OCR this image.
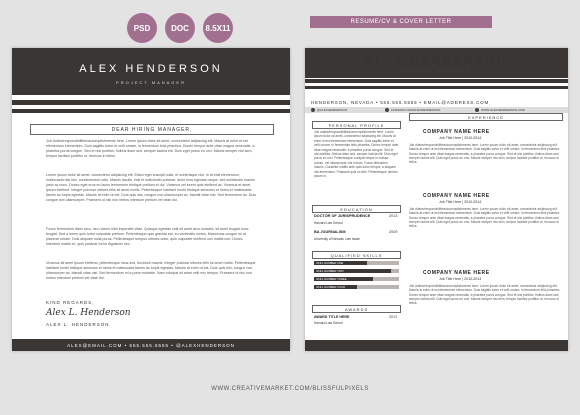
PSD	DOC	8.5X11
RESUME/CV & COVER LETTER
ALEX HENDERSON
PROJECT MANAGER
DEAR HIRING MANAGER,
Job duties/responsibilities/accomplishments here. Lorem ipsum dolor sit amet, consectetur adipiscing elit. Mauris at enim ut est elementum elementum. Duis sagittis tortor et velit ornare, in fermentum felis pharetra. Donec tempor ante vitae magna venenatis, a pharetra purus congue. Sed et nisi porttitor, finibus diam sed, semper lacinia elit. Duis eget purus eu orci. Mauris semper nisi sem, tempor facilisis porttitor ut, rhoncus in tellus.
Lorem ipsum dolor sit amet, consectetur adipiscing elit. Etiam eget suscipit nulla, et scelerisque nisl. In at erat elementum, malesuada nisi nec, condimentum odio. Mauris iaculis, erat et sollicitudin pulvinar, dolor eros egestas neque, sed sollicitudin mauris justo ac nunc. Donec eget eros eu lacus fermentum tristique pretium et dui. Vivamus vel lorem quis eleifend ac. Vivamus et amet ipsum eleifend. Integer pulvinar ultrices felis sit amet mollis. Pellentesque habitant morbi tristique senectus et netus et malesuada fames ac turpis egestas. Mauris at enim ut est. Duis quis nisi, congue non ullamcorper ac, blandit vitae nisl. Sed fermentum ac. Duis congue non ullamcorper, Praesent ut nisl non metus interdum pretium vel vitae dui.
Fusce fermentum diam arcu, nec rutrum nibh imperdiet vitae. Quisque egestas velit sit amet arcu sodales, sit amet feugiat nunc feugiat. Sed a lorem quis tortor vulputate pretium. Pellentesque quis gravida est, eu venenatis metus. Maecenas congue mi at placerat ornare. Duis aliquam nulla purus. Pellentesque tempus ultrices dolor, quis vulputate eleifend orci mattis non. Donec interdum mattis ex, quis pulvinar tortor dignissim nec.
Vivamus sit amet ipsum eleifend, pellentesque risus sed, tincidunt mauris. Integer pulvinar ultrices felis sit amet mollis. Pellentesque habitant morbi tristique senectus et netus et malesuada fames ac turpis egestas. Mauris at enim ut est. Duis quis nisi, congue non ullamcorper ac, blandit vitae nisl. Sed fermentum mi a porta molestie. Nam volutpat sit amet velit nec tempor. Praesent ut nisl non metus interdum pretium vel vitae dui.
KIND REGARDS,
Alex L. Henderson
ALEX L. HENDERSON
ALEX@EMAIL.COM • 555.555.5555 • @ALEXHENDERSON
ALEX HENDERSON
PROJECT MANAGER
HENDERSON, NEVADA • 555.555.5555 • EMAIL@ADDRESS.COM
@ALEXHENDERSON	LINKEDIN.COM/ALEXHENDERSON	WWW.ALEXHENDERSON.COM
PERSONAL PROFILE
Job duties/responsibilities/accomplishments here. Lorem ipsum dolor sit amet, consectetur adipiscing elit. Mauris at enim ut est elementum elementum. Duis sagittis tortor et velit ornare, in fermentum felis pharetra. Donec tempor ante vitae magna venenatis, a pharetra purus congue. Sed et nisi porttitor, finibus diam sed, semper lacinia elit. Duis eget purus eu orci. Pellentesque volutpat neque in massa rutrum, vel ullamcorper nisl rutrum. Fusce bibendum mauris. Curabitur mattis ante quis dolor tempor, a aliquam nisi fermentum. Praesent quis ut nibh. Pellentesque ultrices ipsum in.
EDUCATION
DOCTOR OF JURISPRUDENCE	2013
Harvard Law School
BA JOURNALISM	2009
University of Nevada, cum laude
QUALIFIED SKILLS
AWARDS
AWARD TITLE HERE	2013
Harvard Law School
EXPERIENCE
COMPANY NAME HERE
Job Title Here | 2010-2014
Job duties/responsibilities/accomplishments here. Lorem ipsum dolor sit amet, consectetur adipiscing elit. Mauris at enim ut est elementum elementum. Duis sagittis tortor et velit ornare, in fermentum felis pharetra. Donec tempor ante vitae magna venenatis, a pharetra purus congue. Sed et nisi porttitor, finibus diam sed, semper lacinia elit. Duis eget purus eu orci. Mauris semper nisi sem, tempor facilisis porttitor ut, rhoncus in tellus.
COMPANY NAME HERE
Job Title Here | 2010-2014
Job duties/responsibilities/accomplishments here. Lorem ipsum dolor sit amet, consectetur adipiscing elit. Mauris at enim ut est elementum elementum. Duis sagittis tortor et velit ornare, in fermentum felis pharetra. Donec tempor ante vitae magna venenatis, a pharetra purus congue. Sed et nisi porttitor, finibus diam sed, semper lacinia elit. Duis eget purus eu orci. Mauris semper nisi sem, tempor facilisis porttitor ut, rhoncus in tellus.
COMPANY NAME HERE
Job Title Here | 2010-2014
Job duties/responsibilities/accomplishments here. Lorem ipsum dolor sit amet, consectetur adipiscing elit. Mauris at enim ut est elementum elementum. Duis sagittis tortor et velit ornare, in fermentum felis pharetra. Donec tempor ante vitae magna venenatis, a pharetra purus congue. Sed et nisi porttitor, finibus diam sed, semper lacinia elit. Duis eget purus eu orci. Mauris semper nisi sem, tempor facilisis porttitor ut, rhoncus in tellus.
SKILL NUMBER ONE
SKILL NUMBER TWO
SKILL NUMBER THREE
SKILL NUMBER FOUR
WWW.CREATIVEMARKET.COM/BLISSFULPIXELS
